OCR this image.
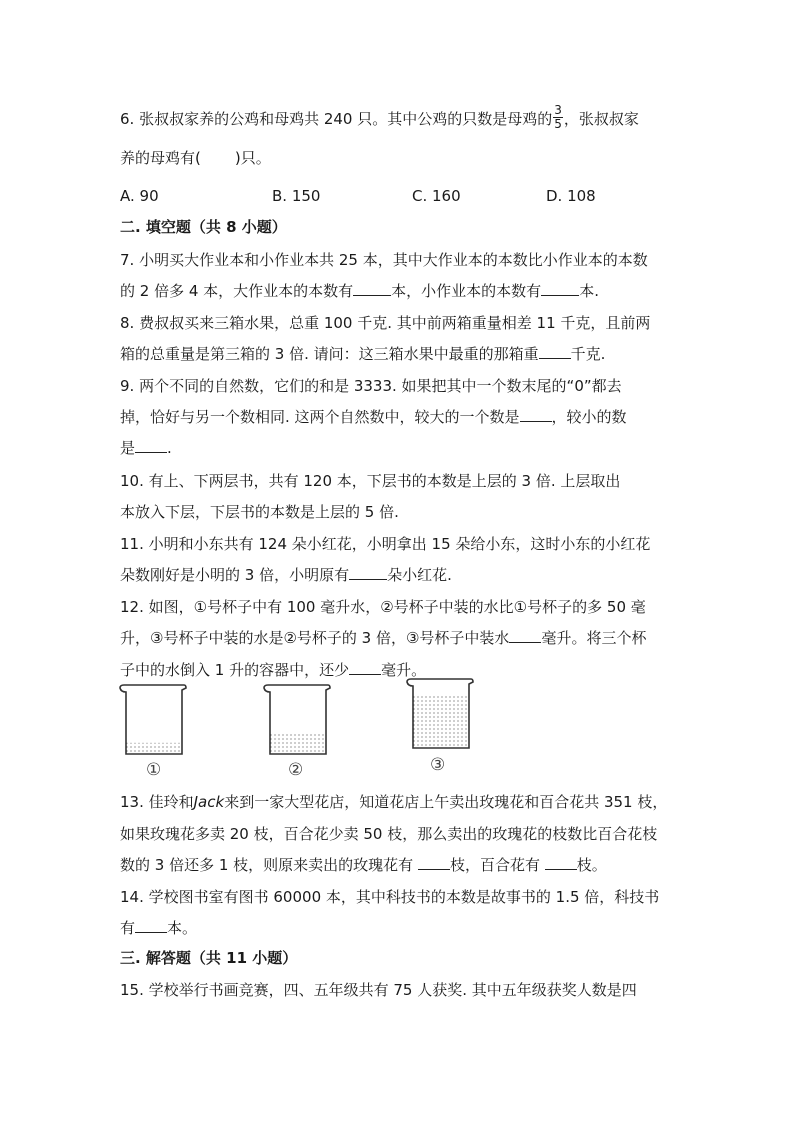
6. 张叔叔家养的公鸡和母鸡共 240 只。其中公鸡的只数是母鸡的 $\frac{3}{5}$ ，张叔叔家
养的母鸡有( )只。
A. 90	B. 150	C. 160	D. 108
二. 填空题（共 8 小题）
7. 小明买大作业本和小作业本共 25 本，其中大作业本的本数比小作业本的本数
的 2 倍多 4 本，大作业本的本数有	本，小作业本的本数有	本.
8. 费叔叔买来三箱水果，总重 100 千克. 其中前两箱重量相差 11 千克，且前两
箱的总重量是第三箱的 3 倍. 请问：这三箱水果中最重的那箱重 千克.
9. 两个不同的自然数，它们的和是 3333. 如果把其中一个数末尾的“0”都去
掉，恰好与另一个数相同. 这两个自然数中，较大的一个数是 ，较小的数
是 .
10. 有上、下两层书，共有 120 本，下层书的本数是上层的 3 倍. 上层取出
本放入下层，下层书的本数是上层的 5 倍.
11. 小明和小东共有 124 朵小红花，小明拿出 15 朵给小东，这时小东的小红花
朵数刚好是小明的 3 倍，小明原有	朵小红花.
12. 如图，①号杯子中有 100 毫升水，②号杯子中装的水比①号杯子的多 50 毫
升，③号杯子中装的水是②号杯子的 3 倍，③号杯子中装水 毫升。将三个杯
子中的水倒入 1 升的容器中，还少 毫升。
①	②	③
13. 佳玲和Jack来到一家大型花店，知道花店上午卖出玫瑰花和百合花共 351 枝，
如果玫瑰花多卖 20 枝，百合花少卖 50 枝，那么卖出的玫瑰花的枝数比百合花枝
数的 3 倍还多 1 枝，则原来卖出的玫瑰花有 枝，百合花有 枝。
14. 学校图书室有图书 60000 本，其中科技书的本数是故事书的 1.5 倍，科技书
有 本。
三. 解答题（共 11 小题）
15. 学校举行书画竞赛，四、五年级共有 75 人获奖. 其中五年级获奖人数是四
